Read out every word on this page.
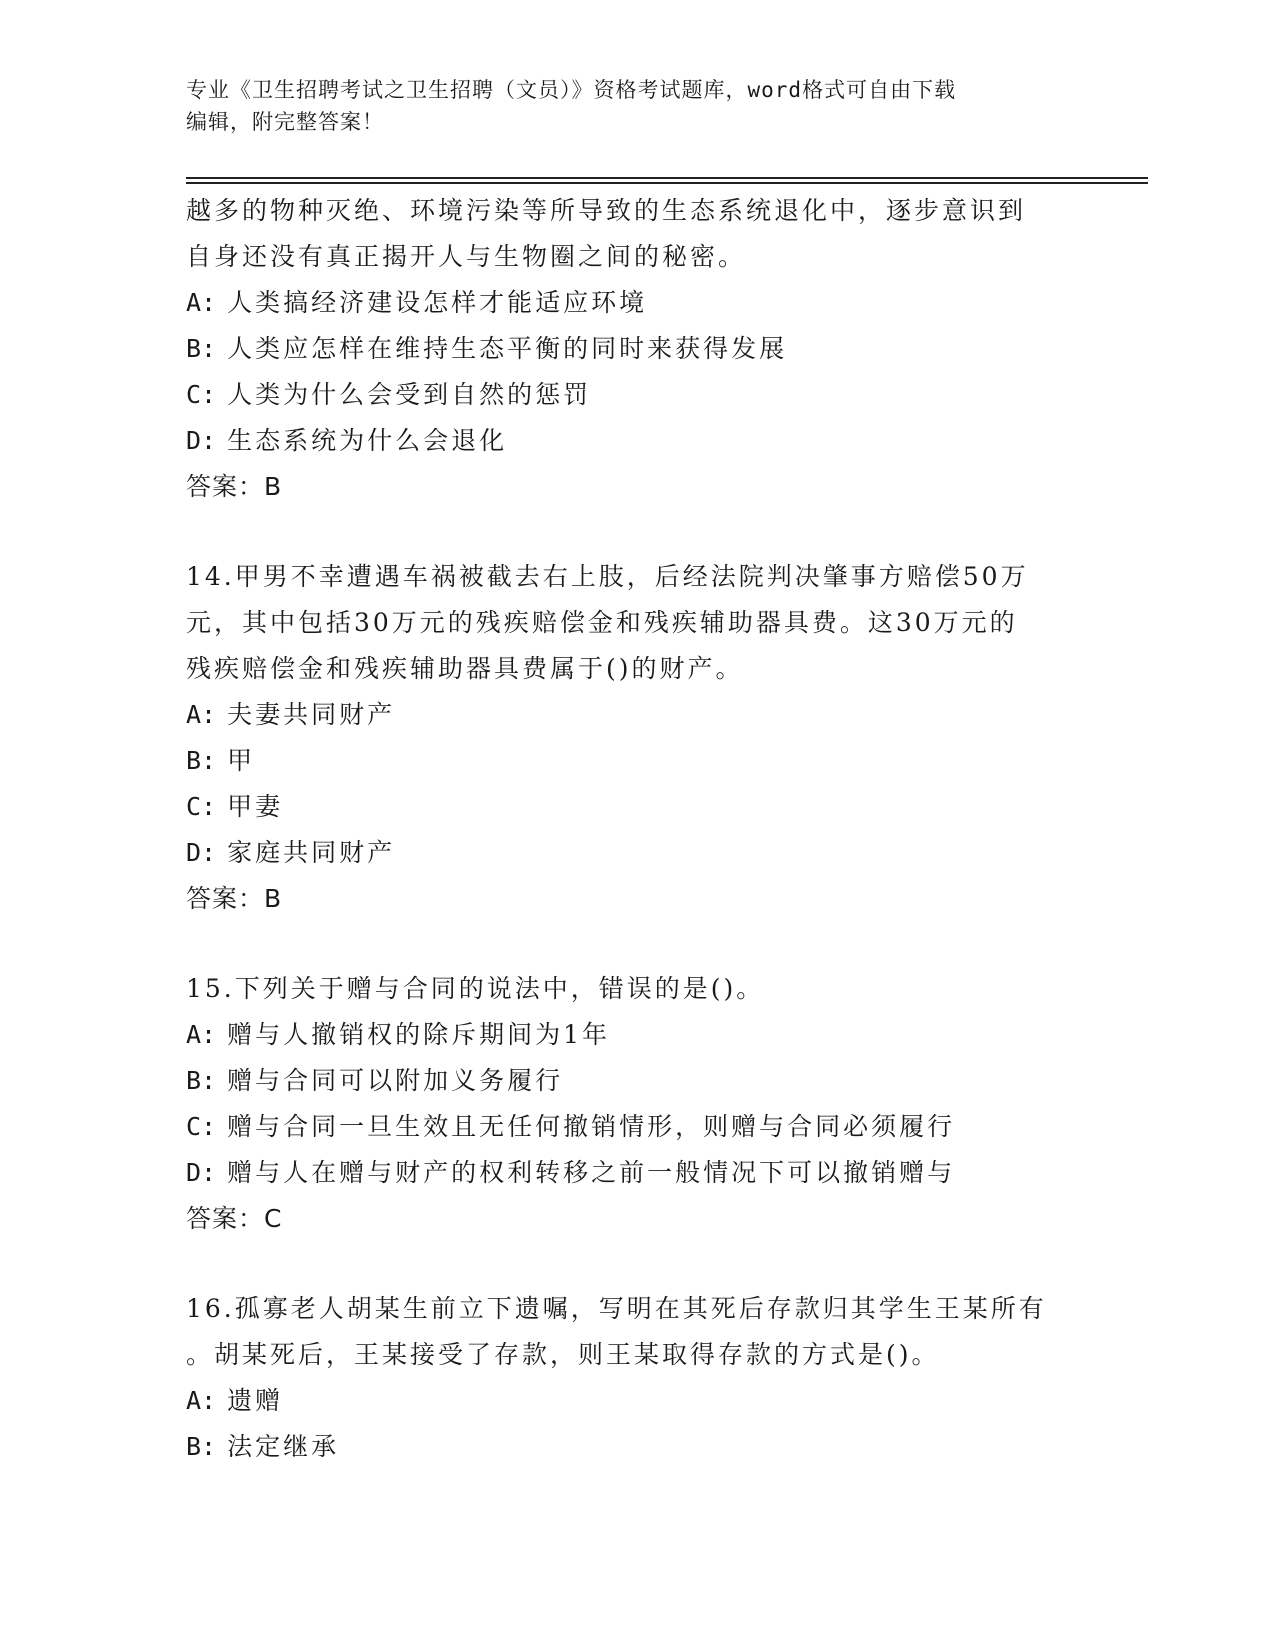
专业《卫生招聘考试之卫生招聘（文员）》资格考试题库，word格式可自由下载
编辑，附完整答案！
越多的物种灭绝、环境污染等所导致的生态系统退化中，逐步意识到
自身还没有真正揭开人与生物圈之间的秘密。
A: 人类搞经济建设怎样才能适应环境
B: 人类应怎样在维持生态平衡的同时来获得发展
C: 人类为什么会受到自然的惩罚
D: 生态系统为什么会退化
答案：B
14.甲男不幸遭遇车祸被截去右上肢，后经法院判决肇事方赔偿50万
元，其中包括30万元的残疾赔偿金和残疾辅助器具费。这30万元的
残疾赔偿金和残疾辅助器具费属于()的财产。
A: 夫妻共同财产
B: 甲
C: 甲妻
D: 家庭共同财产
答案：B
15.下列关于赠与合同的说法中，错误的是()。
A: 赠与人撤销权的除斥期间为1年
B: 赠与合同可以附加义务履行
C: 赠与合同一旦生效且无任何撤销情形，则赠与合同必须履行
D: 赠与人在赠与财产的权利转移之前一般情况下可以撤销赠与
答案：C
16.孤寡老人胡某生前立下遗嘱，写明在其死后存款归其学生王某所有
。胡某死后，王某接受了存款，则王某取得存款的方式是()。
A: 遗赠
B: 法定继承
